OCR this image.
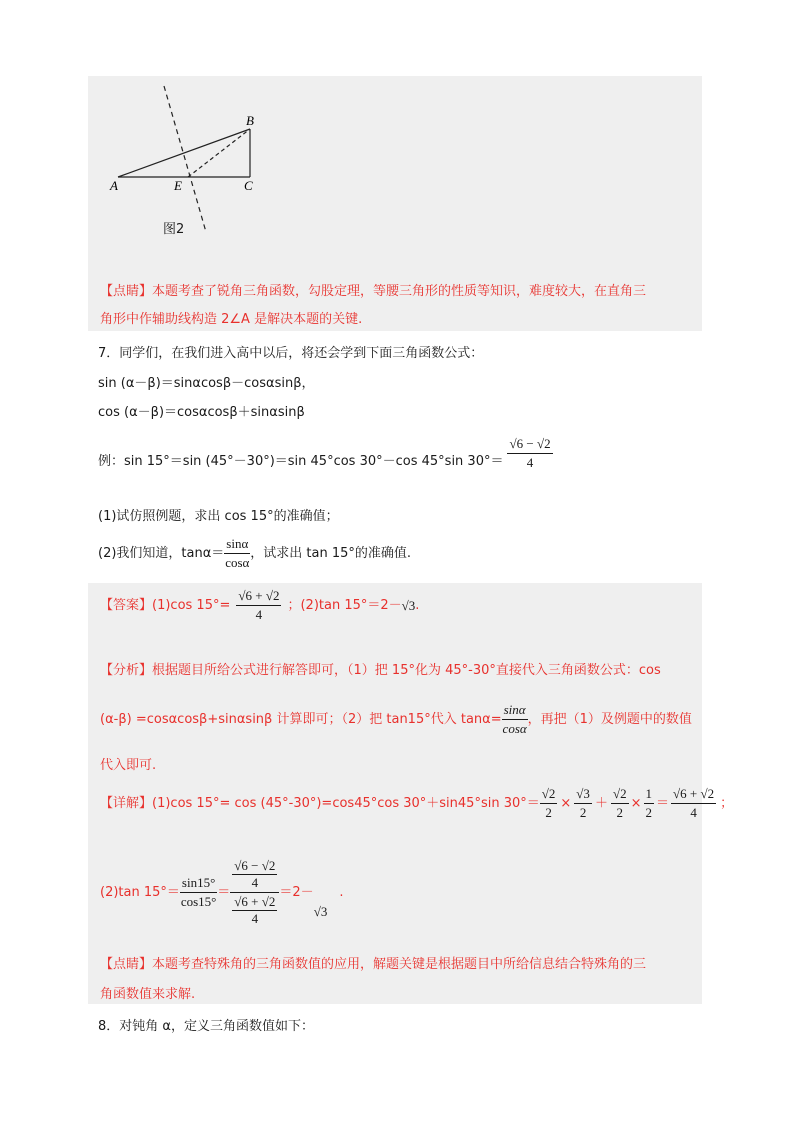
A
B
C
E
图2
【点睛】本题考查了锐角三角函数，勾股定理，等腰三角形的性质等知识，难度较大，在直角三
角形中作辅助线构造 2∠A 是解决本题的关键.
7．同学们，在我们进入高中以后，将还会学到下面三角函数公式：
sin (α－β)＝sinαcosβ－cosαsinβ，
cos (α－β)＝cosαcosβ＋sinαsinβ
例：sin 15°＝sin (45°－30°)＝sin 45°cos 30°－cos 45°sin $30^\circ= \frac{√6 - √2}{4}$
(1)试仿照例题，求出 cos 15°的准确值；
(2)我们知道，$\tan\alpha= \frac{\sin\alpha}{\cos\alpha}$ ，试求出 tan 15°的准确值.
【答案】 (1)cos $15^\circ= \frac{√6 + √2}{4}$ ；(2)tan 15°＝2－ √3 .
【分析】根据题目所给公式进行解答即可，（1）把 15°化为 45°-30°直接代入三角函数公式：cos
(α-β) =cosαcosβ+sinαsinβ 计算即可；（2）把 tan15°代入 $\tan\alpha= \frac{\sin\alpha}{\cos\alpha}$ ，再把（1）及例题中的数值
代入即可.
【详解】 (1)cos 15°= cos (45°-30°)=cos45°cos 30°＋sin45°sin $30^\circ= \frac{√2}{2} \times \frac{√3}{2} + \frac{√2}{2} \times \frac{1}{2} = \frac{√6 + √2}{4}$ ；
(2)tan $15^\circ= \frac{\sin 15^\circ}{\cos 15^\circ} = \frac{\frac{√6 - √2}{4}}{\frac{√6 + √2}{4}} =2-$
√3
.
【点睛】本题考查特殊角的三角函数值的应用，解题关键是根据题目中所给信息结合特殊角的三
角函数值来求解.
8．对钝角 α，定义三角函数值如下：
